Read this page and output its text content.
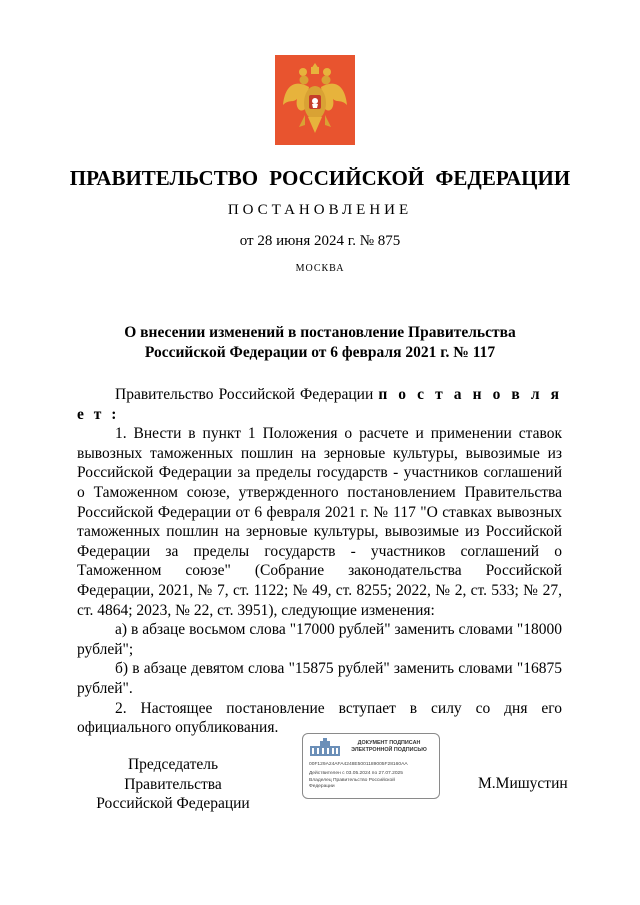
ПРАВИТЕЛЬСТВО РОССИЙСКОЙ ФЕДЕРАЦИИ
ПОСТАНОВЛЕНИЕ
от 28 июня 2024 г. № 875
МОСКВА
О внесении изменений в постановление Правительства
Российской Федерации от 6 февраля 2021 г. № 117

Правительство Российской Федерации п о с т а н о в л я е т :

1. Внести в пункт 1 Положения о расчете и применении ставок вывозных таможенных пошлин на зерновые культуры, вывозимые из Российской Федерации за пределы государств - участников соглашений о Таможенном союзе, утвержденного постановлением Правительства Российской Федерации от 6 февраля 2021 г. № 117 "О ставках вывозных таможенных пошлин на зерновые культуры, вывозимые из Российской Федерации за пределы государств - участников соглашений о Таможенном союзе" (Собрание законодательства Российской Федерации, 2021, № 7, ст. 1122; № 49, ст. 8255; 2022, № 2, ст. 533; № 27, ст. 4864; 2023, № 22, ст. 3951), следующие изменения:

а) в абзаце восьмом слова "17000 рублей" заменить словами "18000 рублей";

б) в абзаце девятом слова "15875 рублей" заменить словами "16875 рублей".

2. Настоящее постановление вступает в силу со дня его официального опубликования.

Председатель Правительства
Российской Федерации
ДОКУМЕНТ ПОДПИСАН
ЭЛЕКТРОННОЙ ПОДПИСЬЮ
00F129A24AFA4248E5001189005F28160AA
Действителен с 03.05.2024 по 27.07.2025
Владелец Правительство Российской
Федерации	М.Мишустин
